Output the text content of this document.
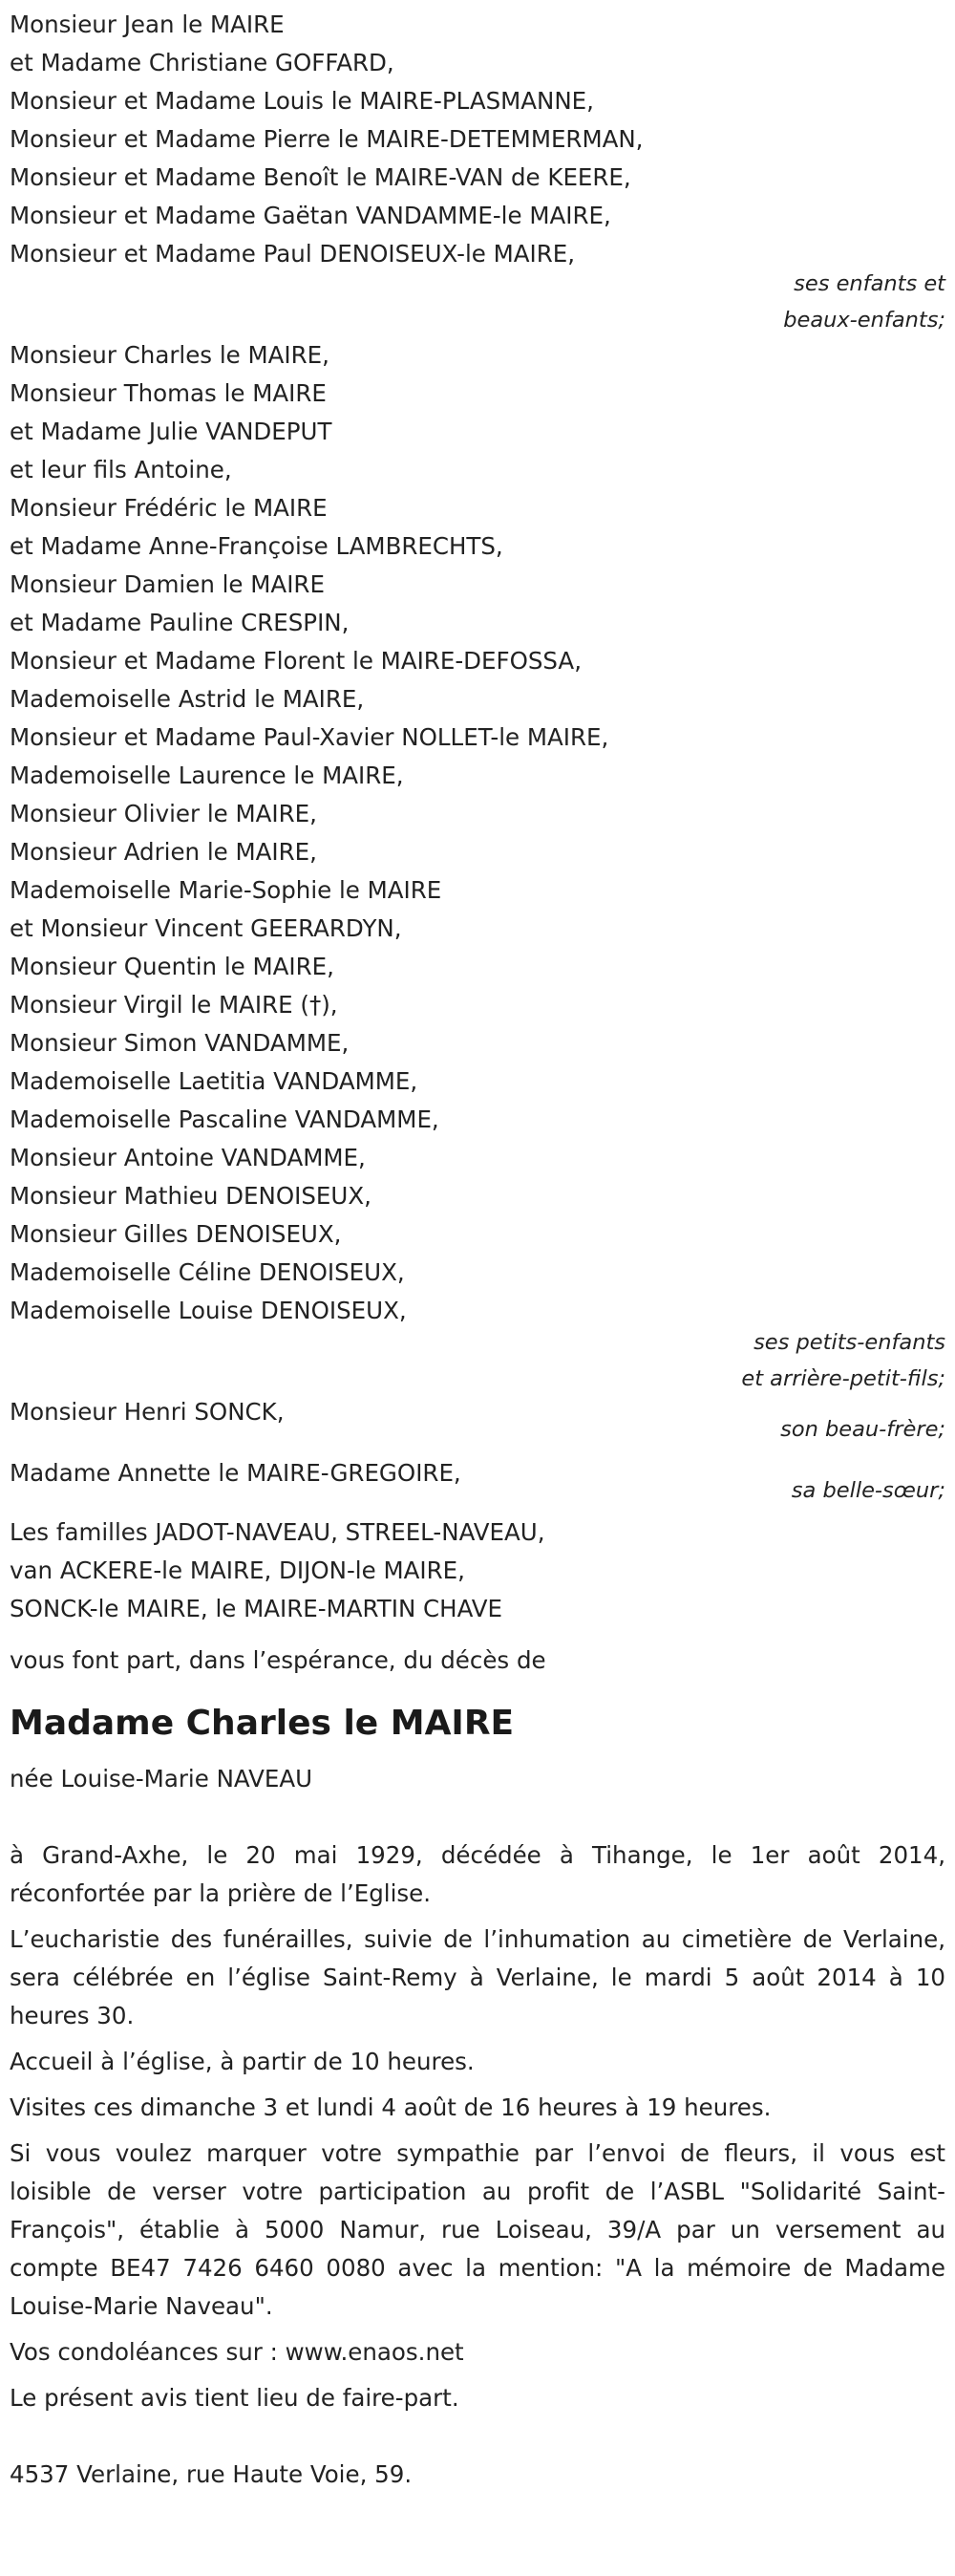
Monsieur Jean le MAIRE
et Madame Christiane GOFFARD,
Monsieur et Madame Louis le MAIRE-PLASMANNE,
Monsieur et Madame Pierre le MAIRE-DETEMMERMAN,
Monsieur et Madame Benoît le MAIRE-VAN de KEERE,
Monsieur et Madame Gaëtan VANDAMME-le MAIRE,
Monsieur et Madame Paul DENOISEUX-le MAIRE,
ses enfants et
beaux-enfants;
Monsieur Charles le MAIRE,
Monsieur Thomas le MAIRE
et Madame Julie VANDEPUT
et leur fils Antoine,
Monsieur Frédéric le MAIRE
et Madame Anne-Françoise LAMBRECHTS,
Monsieur Damien le MAIRE
et Madame Pauline CRESPIN,
Monsieur et Madame Florent le MAIRE-DEFOSSA,
Mademoiselle Astrid le MAIRE,
Monsieur et Madame Paul-Xavier NOLLET-le MAIRE,
Mademoiselle Laurence le MAIRE,
Monsieur Olivier le MAIRE,
Monsieur Adrien le MAIRE,
Mademoiselle Marie-Sophie le MAIRE
et Monsieur Vincent GEERARDYN,
Monsieur Quentin le MAIRE,
Monsieur Virgil le MAIRE (†),
Monsieur Simon VANDAMME,
Mademoiselle Laetitia VANDAMME,
Mademoiselle Pascaline VANDAMME,
Monsieur Antoine VANDAMME,
Monsieur Mathieu DENOISEUX,
Monsieur Gilles DENOISEUX,
Mademoiselle Céline DENOISEUX,
Mademoiselle Louise DENOISEUX,
ses petits-enfants
et arrière-petit-fils;
Monsieur Henri SONCK,
son beau-frère;
Madame Annette le MAIRE-GREGOIRE,
sa belle-sœur;
Les familles JADOT-NAVEAU, STREEL-NAVEAU,
van ACKERE-le MAIRE, DIJON-le MAIRE,
SONCK-le MAIRE, le MAIRE-MARTIN CHAVE

vous font part, dans l’espérance, du décès de

Madame Charles le MAIRE

née Louise-Marie NAVEAU

à Grand-Axhe, le 20 mai 1929, décédée à Tihange, le 1er août 2014, réconfortée par la prière de l’Eglise.

L’eucharistie des funérailles, suivie de l’inhumation au cimetière de Verlaine, sera célébrée en l’église Saint-Remy à Verlaine, le mardi 5 août 2014 à 10 heures 30.

Accueil à l’église, à partir de 10 heures.

Visites ces dimanche 3 et lundi 4 août de 16 heures à 19 heures.

Si vous voulez marquer votre sympathie par l’envoi de fleurs, il vous est loisible de verser votre participation au profit de l’ASBL "Solidarité Saint-François", établie à 5000 Namur, rue Loiseau, 39/A par un versement au compte BE47 7426 6460 0080 avec la mention: "A la mémoire de Madame Louise-Marie Naveau".

Vos condoléances sur : www.enaos.net

Le présent avis tient lieu de faire-part.

4537 Verlaine, rue Haute Voie, 59.
